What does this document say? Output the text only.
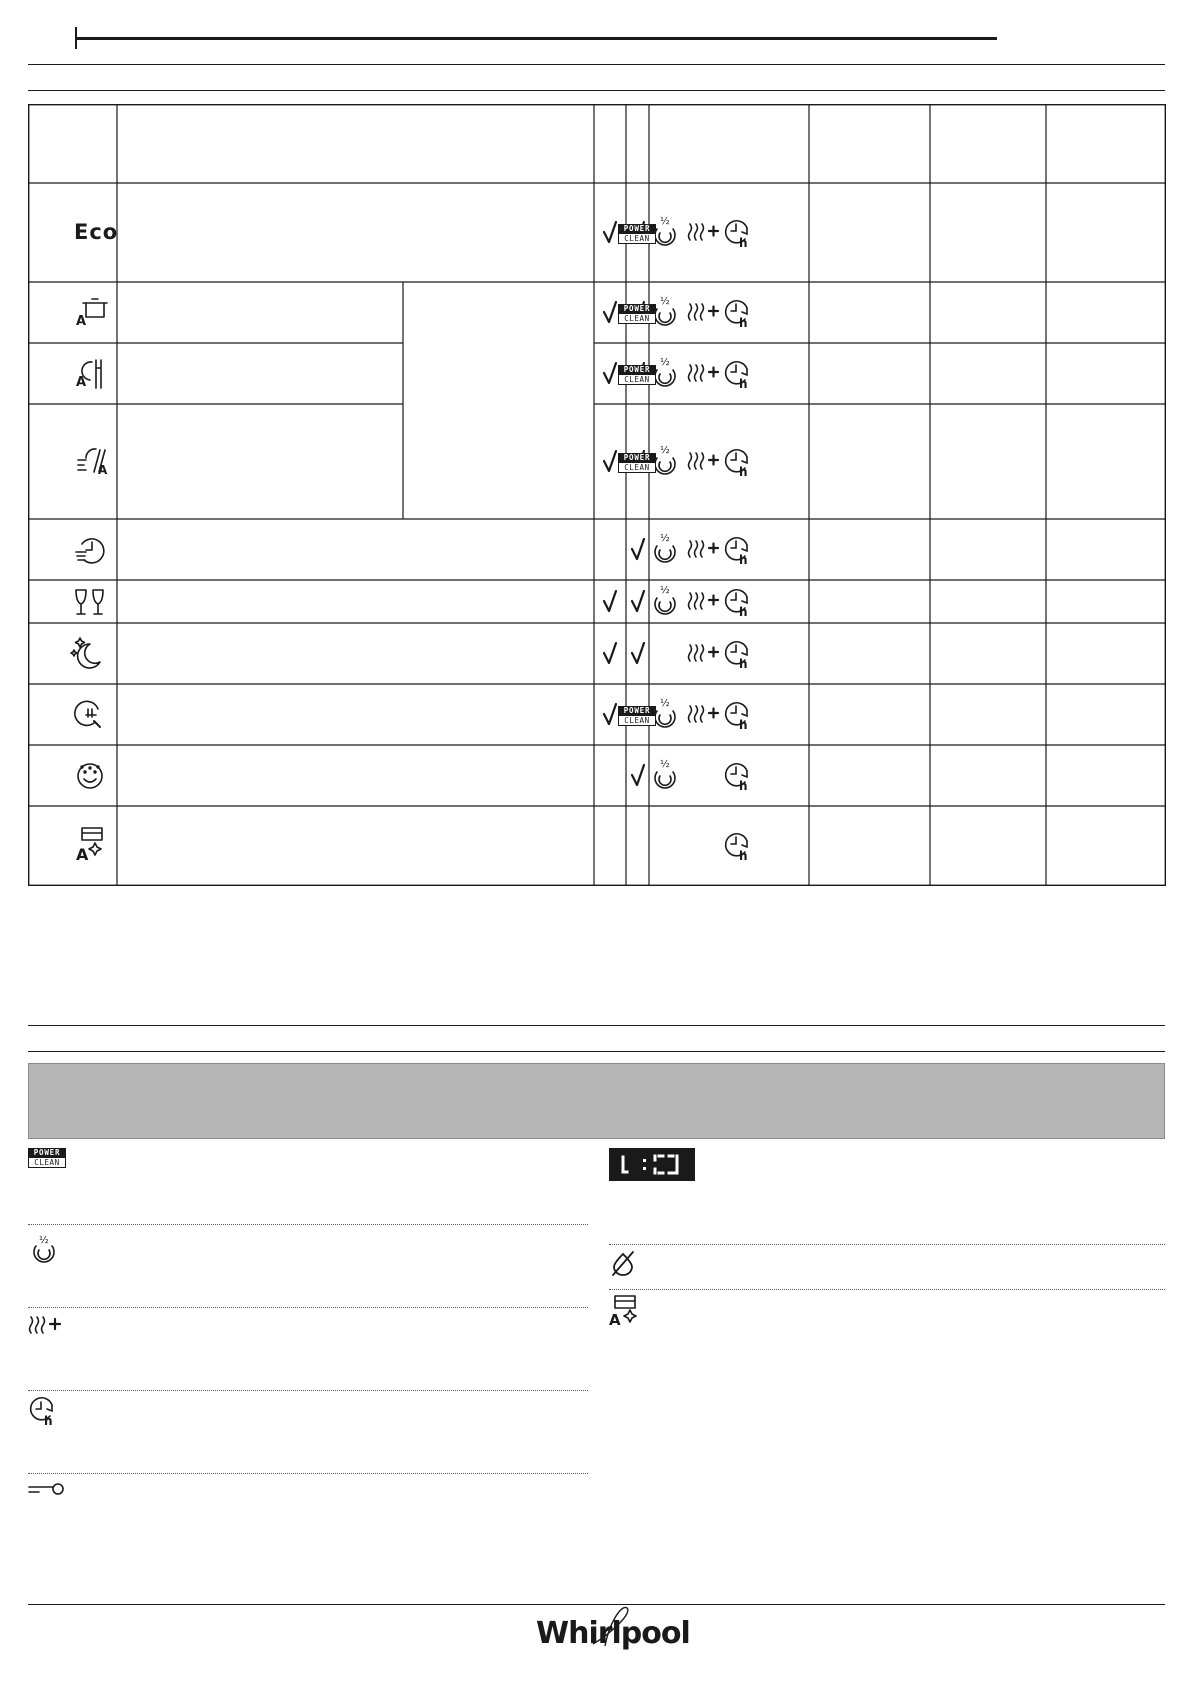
½
h
½
h
½
h
½
h
½
h
½
h
h
½
h
½
h
h
A
A
A
A
Eco	POWER
CLEAN
POWER
CLEAN
POWER
CLEAN
POWER
CLEAN
POWER
CLEAN
POWER
CLEAN
½
h
A
Whirlpool
